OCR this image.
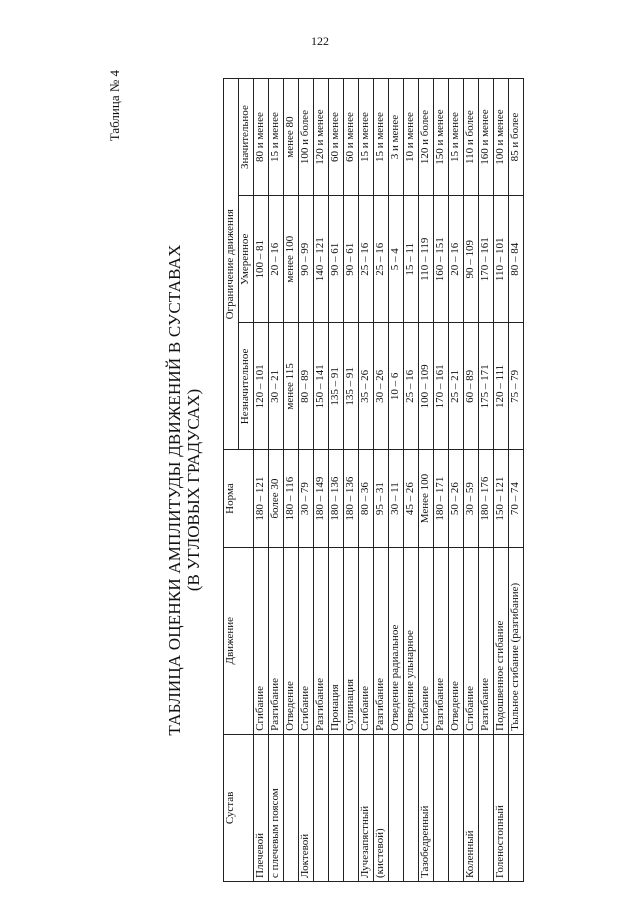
122
Таблица № 4
ТАБЛИЦА ОЦЕНКИ АМПЛИТУДЫ ДВИЖЕНИЙ В СУСТАВАХ (В УГЛОВЫХ ГРАДУСАХ)
Сустав	Движение	Норма	Ограничение движения		
			Незначительное	Умеренное	Значительное
Плечевой	Сгибание	180 – 121	120 – 101	100 – 81	80 и менее
с плечевым поясом	Разгибание	более 30	30 – 21	20 – 16	15 и менее
	Отведение	180 – 116	менее 115	менее 100	менее 80
Локтевой	Сгибание	30 – 79	80 – 89	90 – 99	100 и более
	Разгибание	180 – 149	150 – 141	140 – 121	120 и менее
	Пронация	180 – 136	135 – 91	90 – 61	60 и менее
	Супинация	180 – 136	135 – 91	90 – 61	60 и менее
Лучезапястный	Сгибание	80 – 36	35 – 26	25 – 16	15 и менее
(кистевой)	Разгибание	95 – 31	30 – 26	25 – 16	15 и менее
	Отведение радиальное	30 – 11	10 – 6	5 – 4	3 и менее
	Отведение ульнарное	45 – 26	25 – 16	15 – 11	10 и менее
Тазобедренный	Сгибание	Менее 100	100 – 109	110 – 119	120 и более
	Разгибание	180 – 171	170 – 161	160 – 151	150 и менее
	Отведение	50 – 26	25 – 21	20 – 16	15 и менее
Коленный	Сгибание	30 – 59	60 – 89	90 – 109	110 и более
	Разгибание	180 – 176	175 – 171	170 – 161	160 и менее
Голеностопный	Подошвенное сгибание	150 – 121	120 – 111	110 – 101	100 и менее
	Тыльное сгибание (разгибание)	70 – 74	75 – 79	80 – 84	85 и более
